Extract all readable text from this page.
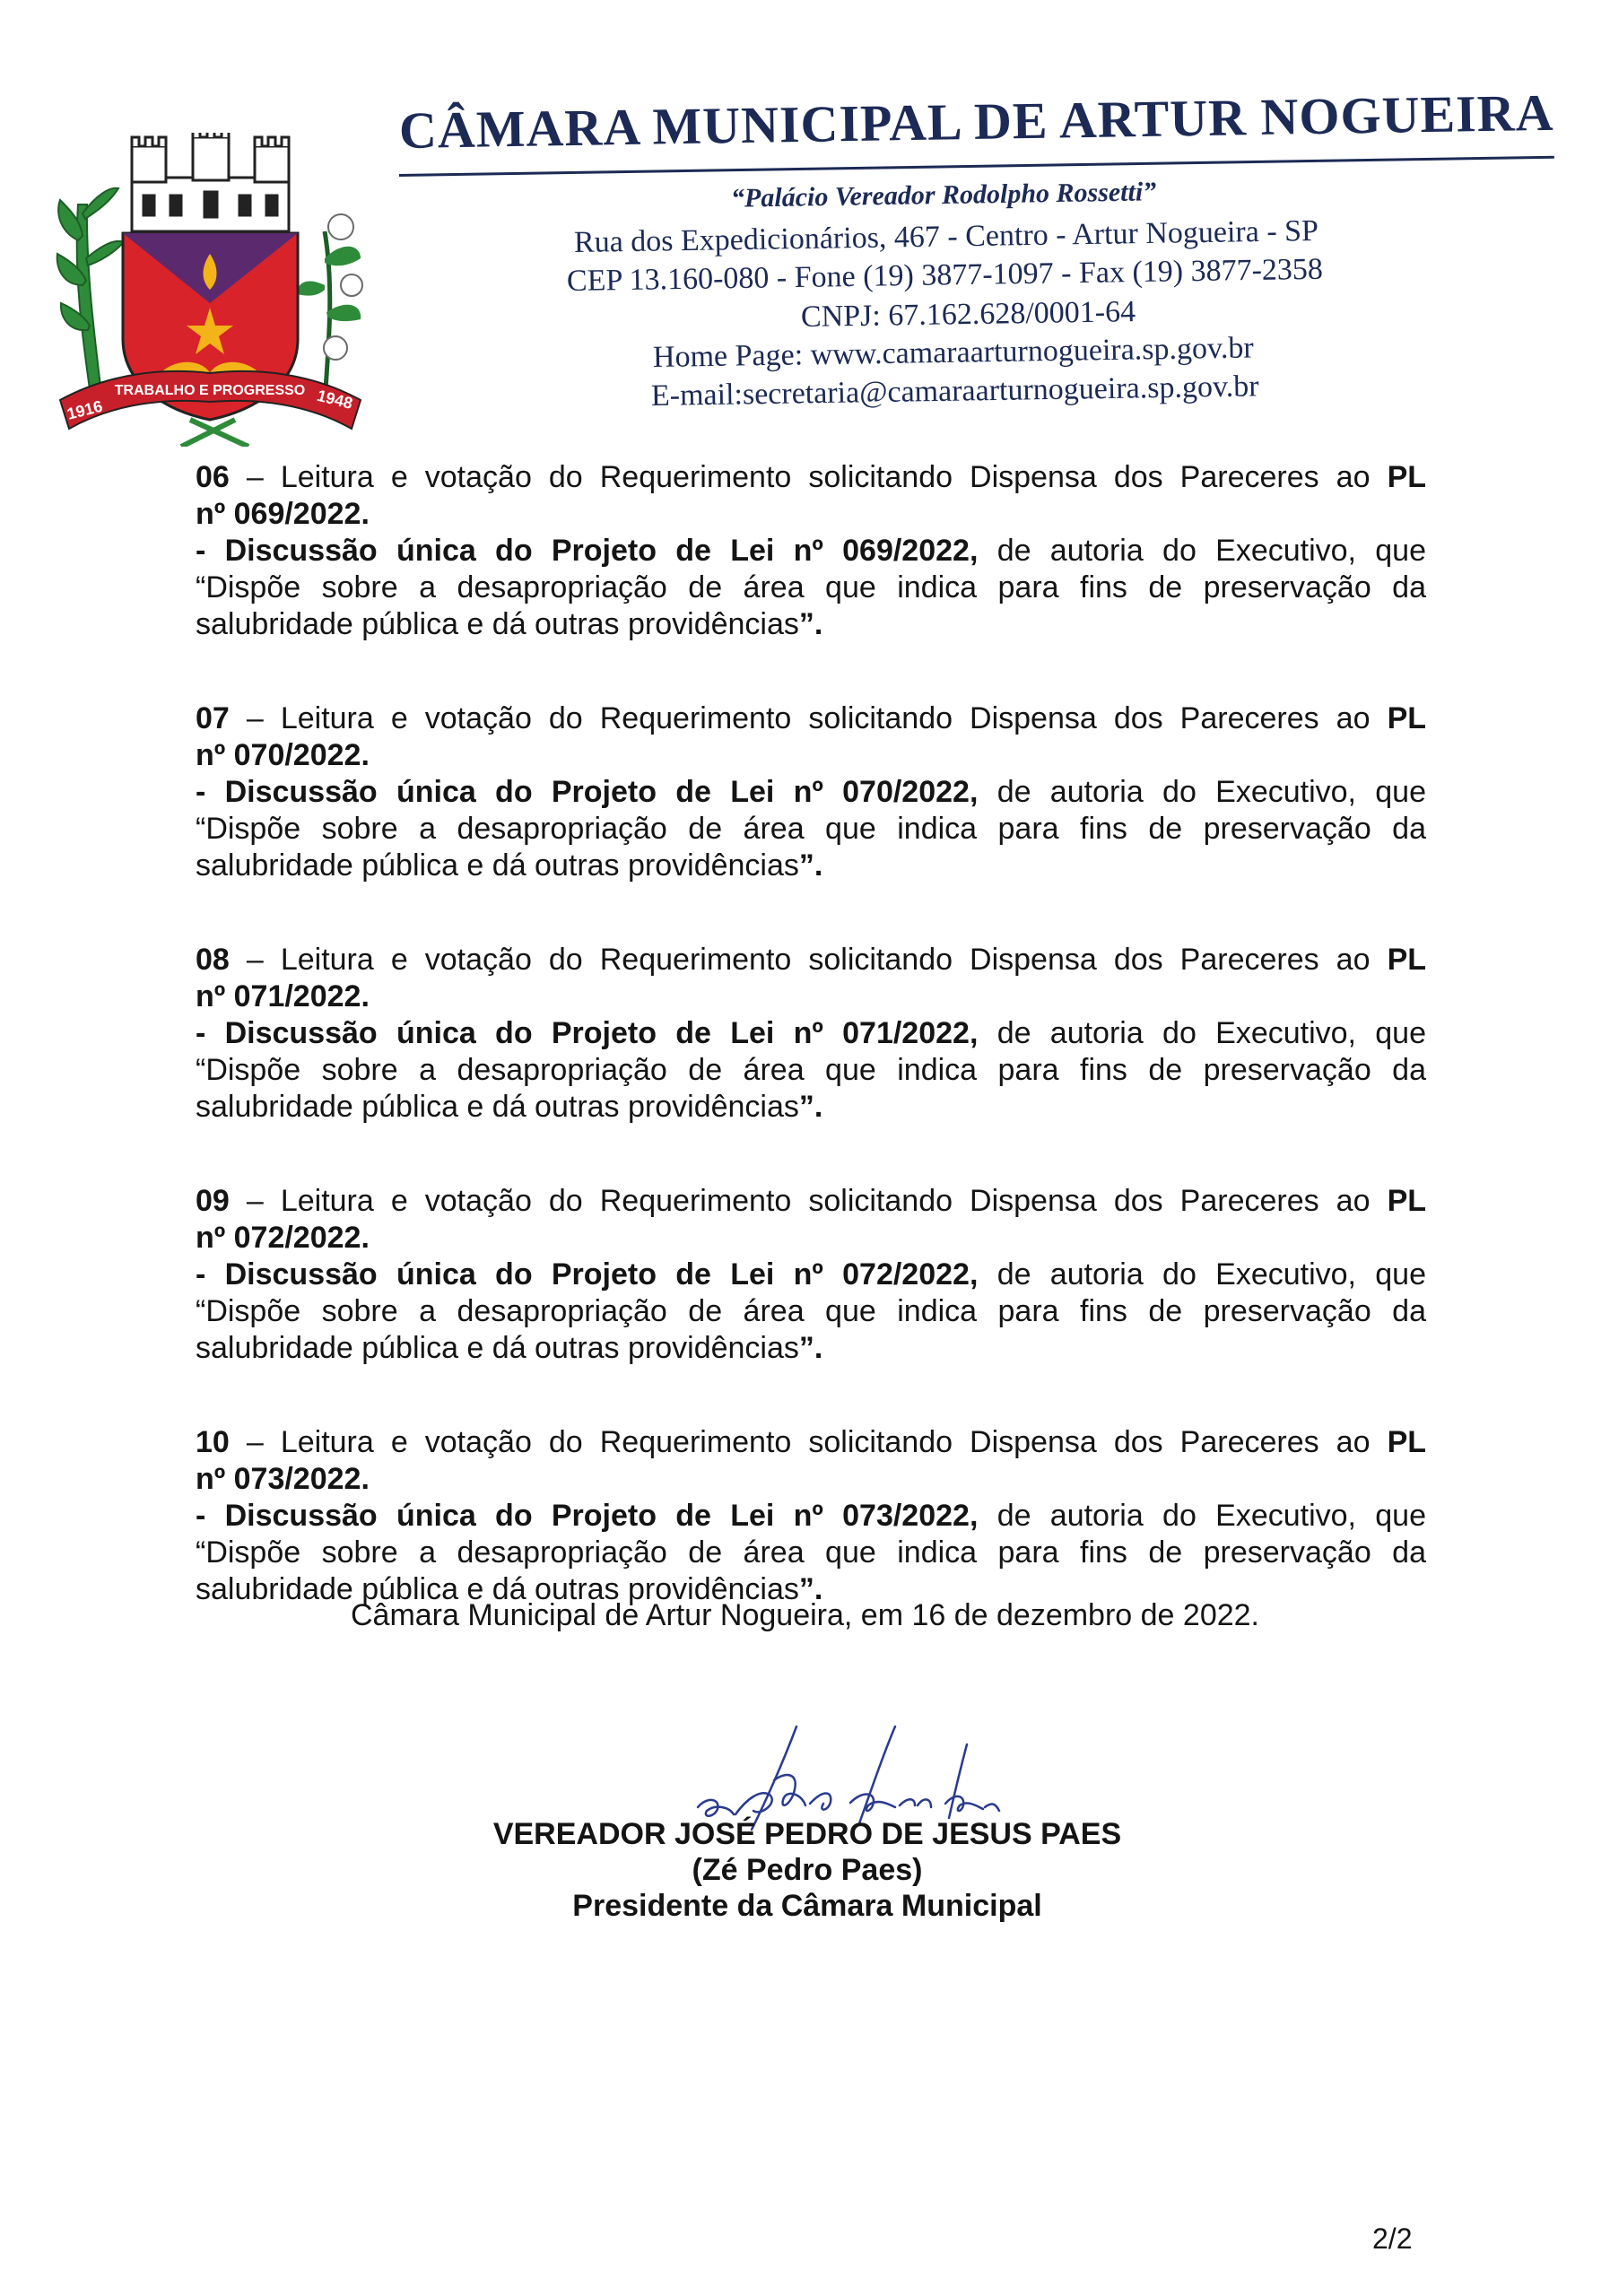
1916
TRABALHO E PROGRESSO 1948
CÂMARA MUNICIPAL DE ARTUR NOGUEIRA
“Palácio Vereador Rodolpho Rossetti”
Rua dos Expedicionários, 467 - Centro - Artur Nogueira - SP
CEP 13.160-080 - Fone (19) 3877-1097 - Fax (19) 3877-2358
CNPJ: 67.162.628/0001-64
Home Page: www.camaraarturnogueira.sp.gov.br
E-mail:secretaria@camaraarturnogueira.sp.gov.br
06 – Leitura e votação do Requerimento solicitando Dispensa dos Pareceres ao PL
nº 069/2022.
- Discussão única do Projeto de Lei nº 069/2022, de autoria do Executivo, que
“Dispõe sobre a desapropriação de área que indica para fins de preservação da
salubridade pública e dá outras providências”.
07 – Leitura e votação do Requerimento solicitando Dispensa dos Pareceres ao PL
nº 070/2022.
- Discussão única do Projeto de Lei nº 070/2022, de autoria do Executivo, que
“Dispõe sobre a desapropriação de área que indica para fins de preservação da
salubridade pública e dá outras providências”.
08 – Leitura e votação do Requerimento solicitando Dispensa dos Pareceres ao PL
nº 071/2022.
- Discussão única do Projeto de Lei nº 071/2022, de autoria do Executivo, que
“Dispõe sobre a desapropriação de área que indica para fins de preservação da
salubridade pública e dá outras providências”.
09 – Leitura e votação do Requerimento solicitando Dispensa dos Pareceres ao PL
nº 072/2022.
- Discussão única do Projeto de Lei nº 072/2022, de autoria do Executivo, que
“Dispõe sobre a desapropriação de área que indica para fins de preservação da
salubridade pública e dá outras providências”.
10 – Leitura e votação do Requerimento solicitando Dispensa dos Pareceres ao PL
nº 073/2022.
- Discussão única do Projeto de Lei nº 073/2022, de autoria do Executivo, que
“Dispõe sobre a desapropriação de área que indica para fins de preservação da
salubridade pública e dá outras providências”.
Câmara Municipal de Artur Nogueira, em 16 de dezembro de 2022.
VEREADOR JOSÉ PEDRO DE JESUS PAES
(Zé Pedro Paes)
Presidente da Câmara Municipal
2/2
